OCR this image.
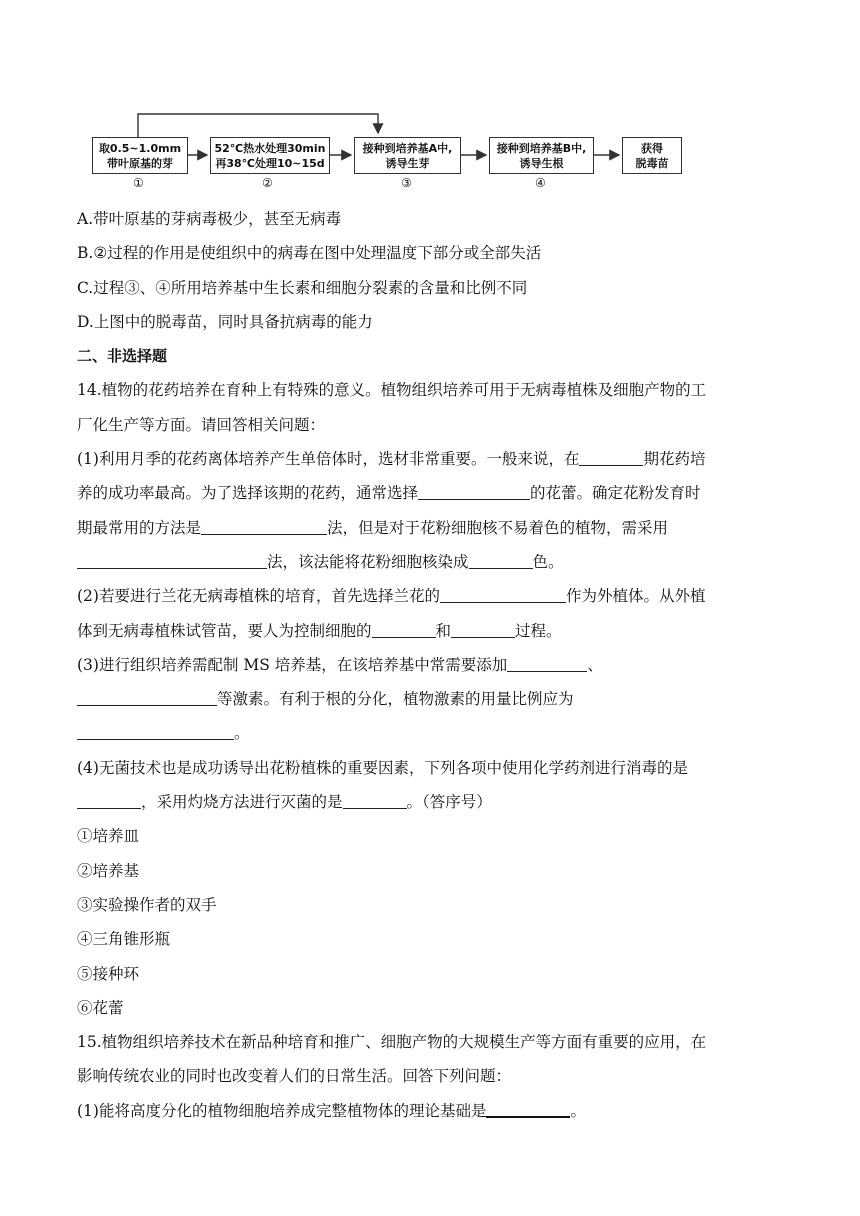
取0.5~1.0mm
带叶原基的芽
①
52℃热水处理30min
再38℃处理10~15d
②
接种到培养基A中,
诱导生芽
③
接种到培养基B中,
诱导生根
④
获得
脱毒苗

A.带叶原基的芽病毒极少，甚至无病毒

B.②过程的作用是使组织中的病毒在图中处理温度下部分或全部失活

C.过程③、④所用培养基中生长素和细胞分裂素的含量和比例不同

D.上图中的脱毒苗，同时具备抗病毒的能力

二、非选择题

14.植物的花药培养在育种上有特殊的意义。植物组织培养可用于无病毒植株及细胞产物的工

厂化生产等方面。请回答相关问题：

(1)利用月季的花药离体培养产生单倍体时，选材非常重要。一般来说，在	期花药培

养的成功率最高。为了选择该期的花药，通常选择	的花蕾。确定花粉发育时

期最常用的方法是	法，但是对于花粉细胞核不易着色的植物，需采用

法，该法能将花粉细胞核染成	色。

(2)若要进行兰花无病毒植株的培育，首先选择兰花的	作为外植体。从外植

体到无病毒植株试管苗，要人为控制细胞的	和	过程。

(3)进行组织培养需配制 MS 培养基，在该培养基中常需要添加	、

等激素。有利于根的分化，植物激素的用量比例应为

。

(4)无菌技术也是成功诱导出花粉植株的重要因素，下列各项中使用化学药剂进行消毒的是

，采用灼烧方法进行灭菌的是	。（答序号）

①培养皿

②培养基

③实验操作者的双手

④三角锥形瓶

⑤接种环

⑥花蕾

15.植物组织培养技术在新品种培育和推广、细胞产物的大规模生产等方面有重要的应用，在

影响传统农业的同时也改变着人们的日常生活。回答下列问题：

(1)能将高度分化的植物细胞培养成完整植物体的理论基础是	。
